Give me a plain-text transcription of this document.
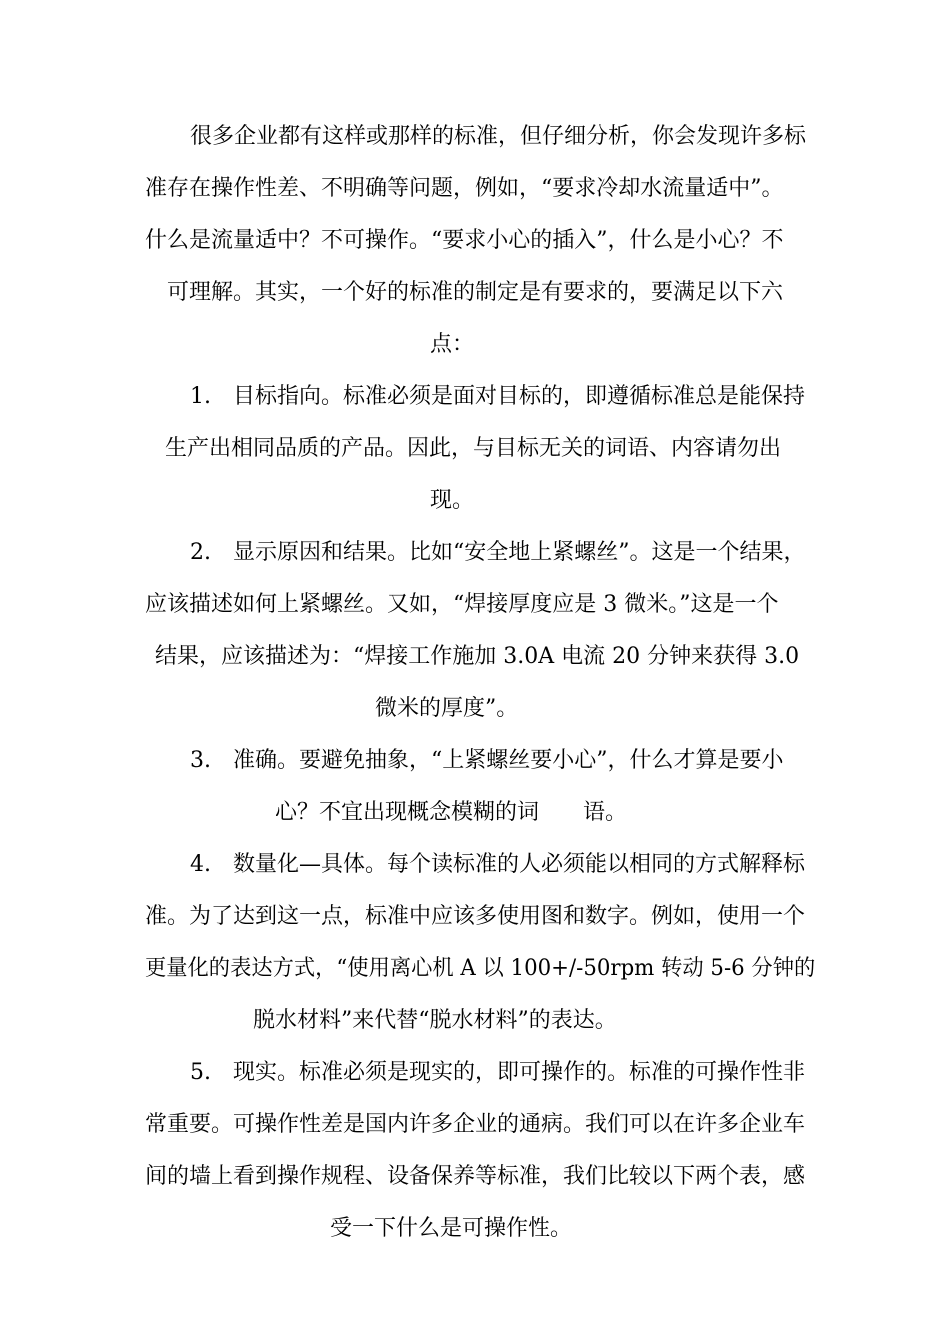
很多企业都有这样或那样的标准，但仔细分析，你会发现许多标
准存在操作性差、不明确等问题，例如，“要求冷却水流量适中”。
什么是流量适中？不可操作。“要求小心的插入”，什么是小心？不
可理解。其实，一个好的标准的制定是有要求的，要满足以下六
点：
1.　目标指向。标准必须是面对目标的，即遵循标准总是能保持
生产出相同品质的产品。因此，与目标无关的词语、内容请勿出
现。
2.　显示原因和结果。比如“安全地上紧螺丝”。这是一个结果，
应该描述如何上紧螺丝。又如，“焊接厚度应是 3 微米。”这是一个
结果，应该描述为：“焊接工作施加 3.0A 电流 20 分钟来获得 3.0
微米的厚度”。
3.　准确。要避免抽象，“上紧螺丝要小心”，什么才算是要小
心？不宜出现概念模糊的词　　语。
4.　数量化—具体。每个读标准的人必须能以相同的方式解释标
准。为了达到这一点，标准中应该多使用图和数字。例如，使用一个
更量化的表达方式，“使用离心机 A 以 100+/-50rpm 转动 5-6 分钟的
脱水材料”来代替“脱水材料”的表达。
5.　现实。标准必须是现实的，即可操作的。标准的可操作性非
常重要。可操作性差是国内许多企业的通病。我们可以在许多企业车
间的墙上看到操作规程、设备保养等标准，我们比较以下两个表，感
受一下什么是可操作性。
